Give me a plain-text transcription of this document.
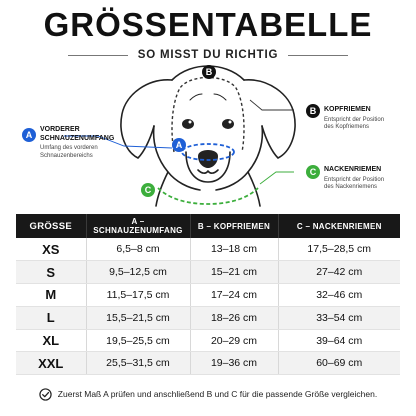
GRÖSSENTABELLE
SO MISST DU RICHTIG
B
A
C
A
VORDERER
SCHNAUZENUMFANG
Umfang des vorderen
Schnauzenbereichs
B	KOPFRIEMEN
Entspricht der Position
des Kopfriemens
C	NACKENRIEMEN
Entspricht der Position
des Nackenriemens
GRÖSSE	A – SCHNAUZENUMFANG	B – KOPFRIEMEN	C – NACKENRIEMEN
XS	6,5–8 cm	13–18 cm	17,5–28,5 cm
S	9,5–12,5 cm	15–21 cm	27–42 cm
M	11,5–17,5 cm	17–24 cm	32–46 cm
L	15,5–21,5 cm	18–26 cm	33–54 cm
XL	19,5–25,5 cm	20–29 cm	39–64 cm
XXL	25,5–31,5 cm	19–36 cm	60–69 cm
Zuerst Maß A prüfen und anschließend B und C für die passende Größe vergleichen.
